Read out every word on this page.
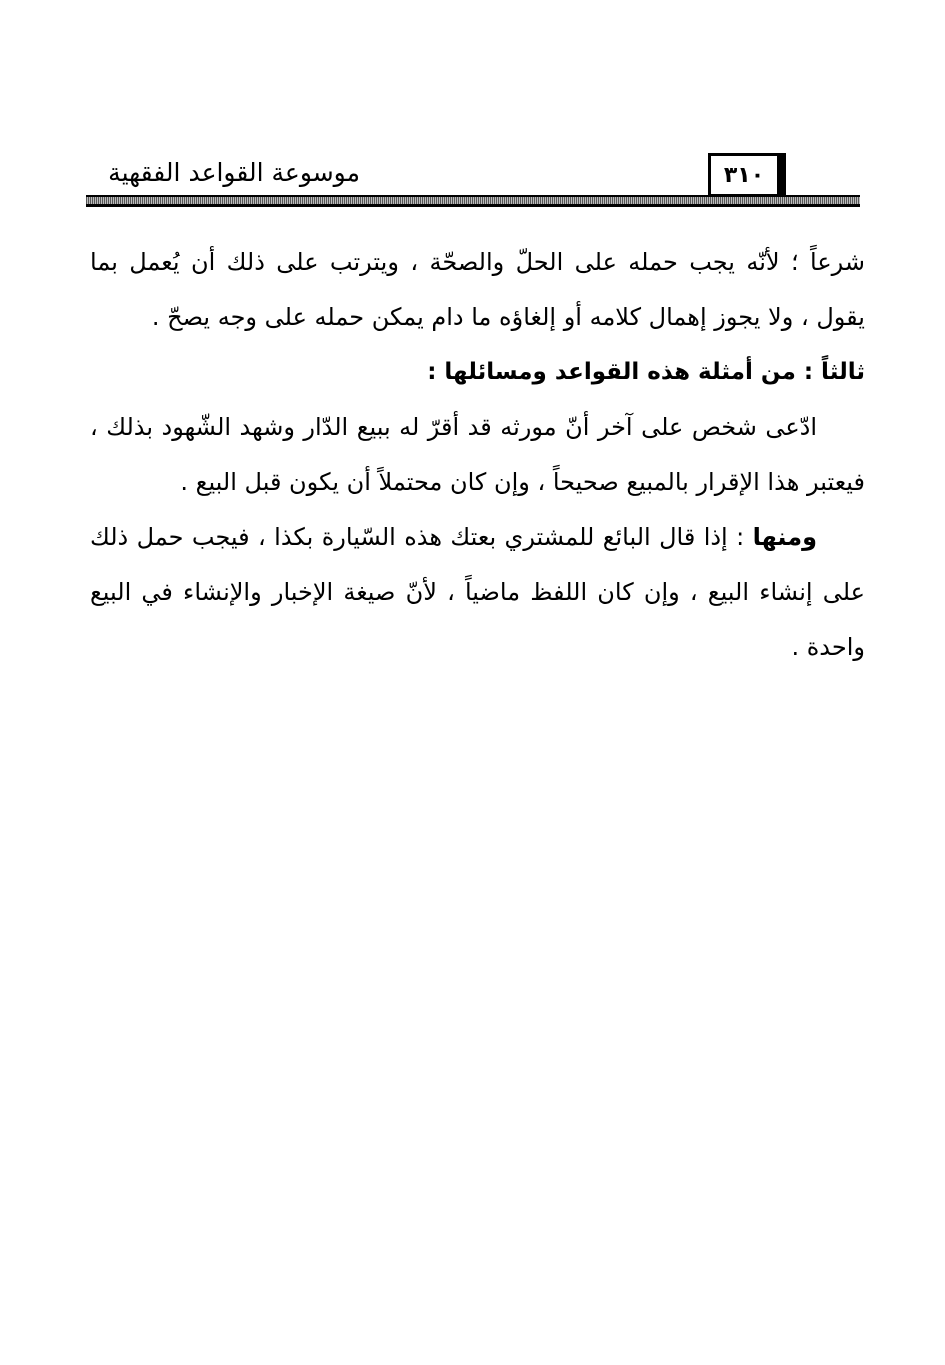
موسوعة القواعد الفقهية	٣١٠

شرعاً ؛ لأنّه يجب حمله على الحلّ والصحّة ، ويترتب على ذلك أن يُعمل بما يقول ، ولا يجوز إهمال كلامه أو إلغاؤه ما دام يمكن حمله على وجه يصحّ .

ثالثاً : من أمثلة هذه القواعد ومسائلها :

ادّعى شخص على آخر أنّ مورثه قد أقرّ له ببيع الدّار وشهد الشّهود بذلك ، فيعتبر هذا الإقرار بالمبيع صحيحاً ، وإن كان محتملاً أن يكون قبل البيع .

ومنها : إذا قال البائع للمشتري بعتك هذه السّيارة بكذا ، فيجب حمل ذلك على إنشاء البيع ، وإن كان اللفظ ماضياً ، لأنّ صيغة الإخبار والإنشاء في البيع واحدة .
